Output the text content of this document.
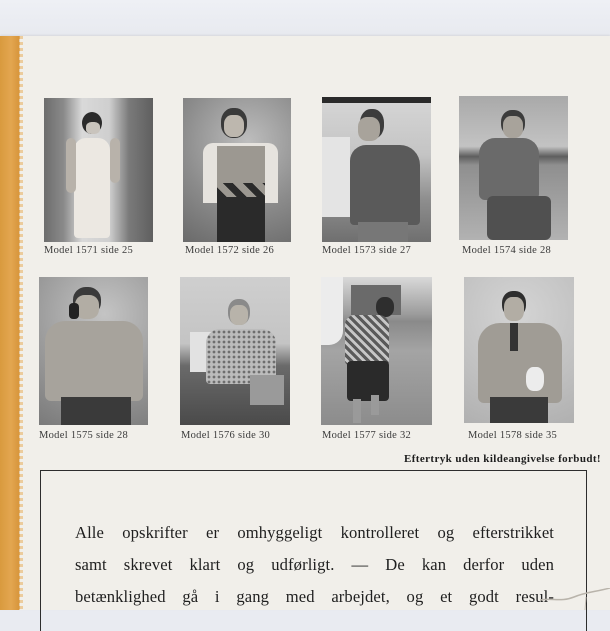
Model 1571 side 25	Model 1572 side 26	Model 1573 side 27	Model 1574 side 28
Model 1575 side 28	Model 1576 side 30	Model 1577 side 32	Model 1578 side 35
Eftertryk uden kildeangivelse forbudt!
Alle opskrifter er omhyggeligt kontrolleret og efterstrikket
samt skrevet klart og udførligt. — De kan derfor uden
betænklighed gå i gang med arbejdet, og et godt resul-
